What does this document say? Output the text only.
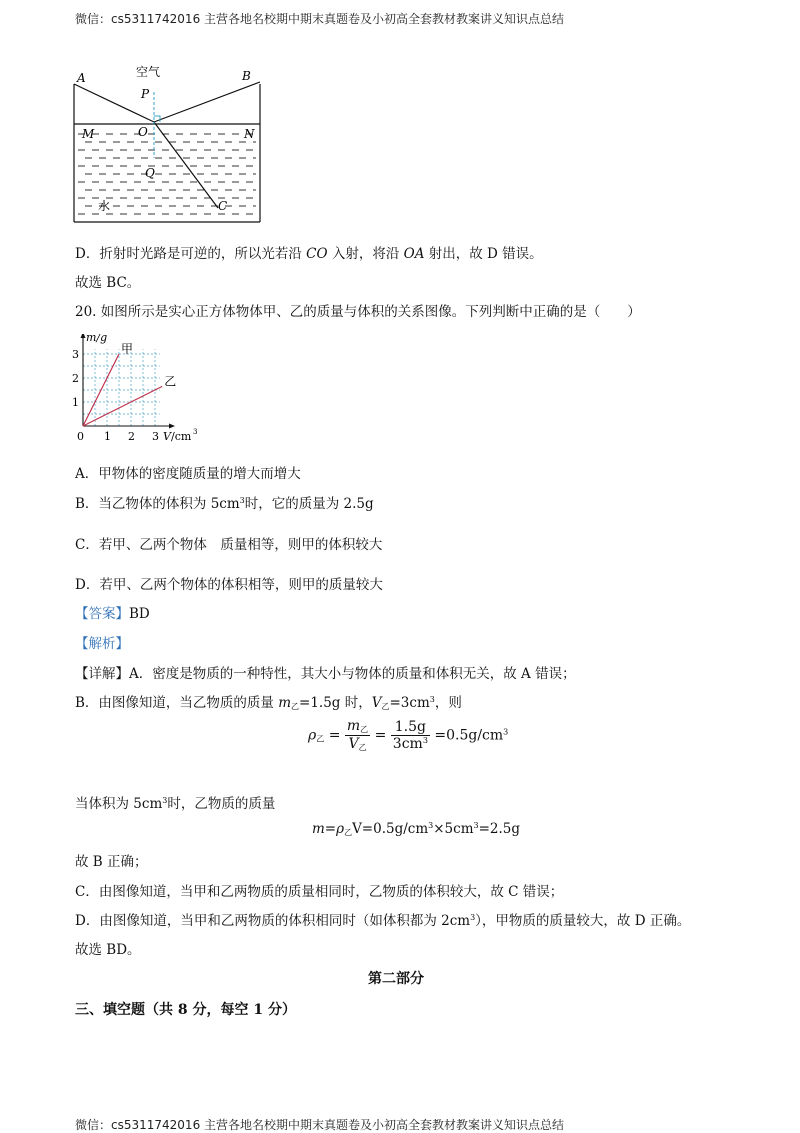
微信：cs5311742016 主营各地名校期中期末真题卷及小初高全套教材教案讲义知识点总结
A	B
空气
P
O
M	N
Q
C
水
D．折射时光路是可逆的，所以光若沿 CO 入射，将沿 OA 射出，故 D 错误。
故选 BC。
20. 如图所示是实心正方体物体甲、乙的质量与体积的关系图像。下列判断中正确的是（　　）
0 1 2 3
1
2
3
m/g
V /cm 3
甲
乙
A．甲物体的密度随质量的增大而增大
B．当乙物体的体积为 $5cm^3$时，它的质量为 2.5g
C．若甲、乙两个物体　质量相等，则甲的体积较大
D．若甲、乙两个物体的体积相等，则甲的质量较大
【答案】BD
【解析】
【详解】A．密度是物质的一种特性，其大小与物体的质量和体积无关，故 A 错误；
B．由图像知道，当乙物质的质量 $m_乙=1.5g$ 时，$V_乙=3cm^3$，则
$\rho_乙 = \frac{m_乙}{V_乙} = \frac{1.5g}{3cm^3} =0.5g/cm^3$
当体积为 $5cm^3$时，乙物质的质量
$m=\rho_乙V=0.5g/cm^3\times 5cm^3=2.5g$
故 B 正确；
C．由图像知道，当甲和乙两物质的质量相同时，乙物质的体积较大，故 C 错误；
D．由图像知道，当甲和乙两物质的体积相同时（如体积都为 $2cm^3$），甲物质的质量较大，故 D 正确。
故选 BD。
第二部分
三、填空题（共 8 分，每空 1 分）
微信：cs5311742016 主营各地名校期中期末真题卷及小初高全套教材教案讲义知识点总结
